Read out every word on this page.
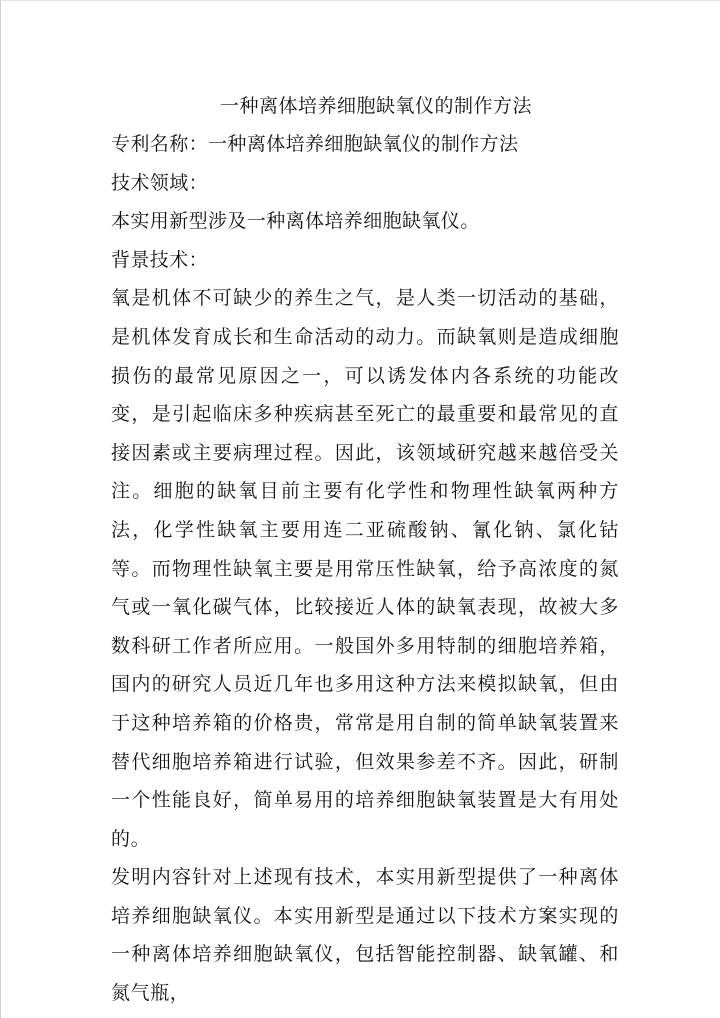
一种离体培养细胞缺氧仪的制作方法

专利名称：一种离体培养细胞缺氧仪的制作方法

技术领域：

本实用新型涉及一种离体培养细胞缺氧仪。

背景技术：

氧是机体不可缺少的养生之气，是人类一切活动的基础，是机体发育成长和生命活动的动力。而缺氧则是造成细胞损伤的最常见原因之一，可以诱发体内各系统的功能改变，是引起临床多种疾病甚至死亡的最重要和最常见的直接因素或主要病理过程。因此，该领域研究越来越倍受关注。细胞的缺氧目前主要有化学性和物理性缺氧两种方法，化学性缺氧主要用连二亚硫酸钠、氰化钠、氯化钴等。而物理性缺氧主要是用常压性缺氧，给予高浓度的氮气或一氧化碳气体，比较接近人体的缺氧表现，故被大多数科研工作者所应用。一般国外多用特制的细胞培养箱，国内的研究人员近几年也多用这种方法来模拟缺氧，但由于这种培养箱的价格贵，常常是用自制的简单缺氧装置来替代细胞培养箱进行试验，但效果参差不齐。因此，研制一个性能良好，简单易用的培养细胞缺氧装置是大有用处的。

发明内容针对上述现有技术，本实用新型提供了一种离体培养细胞缺氧仪。本实用新型是通过以下技术方案实现的一种离体培养细胞缺氧仪，包括智能控制器、缺氧罐、和氮气瓶，
